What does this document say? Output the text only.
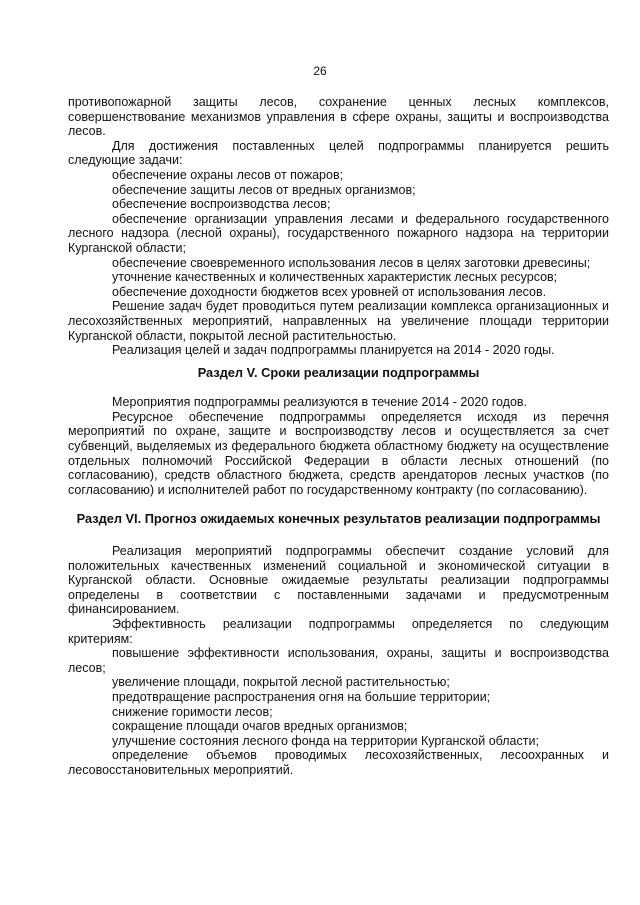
26

противопожарной защиты лесов, сохранение ценных лесных комплексов, совершенствование механизмов управления в сфере охраны, защиты и воспроизводства лесов.

Для достижения поставленных целей подпрограммы планируется решить следующие задачи:

обеспечение охраны лесов от пожаров;

обеспечение защиты лесов от вредных организмов;

обеспечение воспроизводства лесов;

обеспечение организации управления лесами и федерального государственного лесного надзора (лесной охраны), государственного пожарного надзора на территории Курганской области;

обеспечение своевременного использования лесов в целях заготовки древесины;

уточнение качественных и количественных характеристик лесных ресурсов;

обеспечение доходности бюджетов всех уровней от использования лесов.

Решение задач будет проводиться путем реализации комплекса организационных и лесохозяйственных мероприятий, направленных на увеличение площади территории Курганской области, покрытой лесной растительностью.

Реализация целей и задач подпрограммы планируется на 2014 - 2020 годы.

Раздел V. Сроки реализации подпрограммы

Мероприятия подпрограммы реализуются в течение 2014 - 2020 годов.

Ресурсное обеспечение подпрограммы определяется исходя из перечня мероприятий по охране, защите и воспроизводству лесов и осуществляется за счет субвенций, выделяемых из федерального бюджета областному бюджету на осуществление отдельных полномочий Российской Федерации в области лесных отношений (по согласованию), средств областного бюджета, средств арендаторов лесных участков (по согласованию) и исполнителей работ по государственному контракту (по согласованию).

Раздел VI. Прогноз ожидаемых конечных результатов реализации подпрограммы

Реализация мероприятий подпрограммы обеспечит создание условий для положительных качественных изменений социальной и экономической ситуации в Курганской области. Основные ожидаемые результаты реализации подпрограммы определены в соответствии с поставленными задачами и предусмотренным финансированием.

Эффективность реализации подпрограммы определяется по следующим критериям:

повышение эффективности использования, охраны, защиты и воспроизводства лесов;

увеличение площади, покрытой лесной растительностью;

предотвращение распространения огня на большие территории;

снижение горимости лесов;

сокращение площади очагов вредных организмов;

улучшение состояния лесного фонда на территории Курганской области;

определение объемов проводимых лесохозяйственных, лесоохранных и лесовосстановительных мероприятий.
